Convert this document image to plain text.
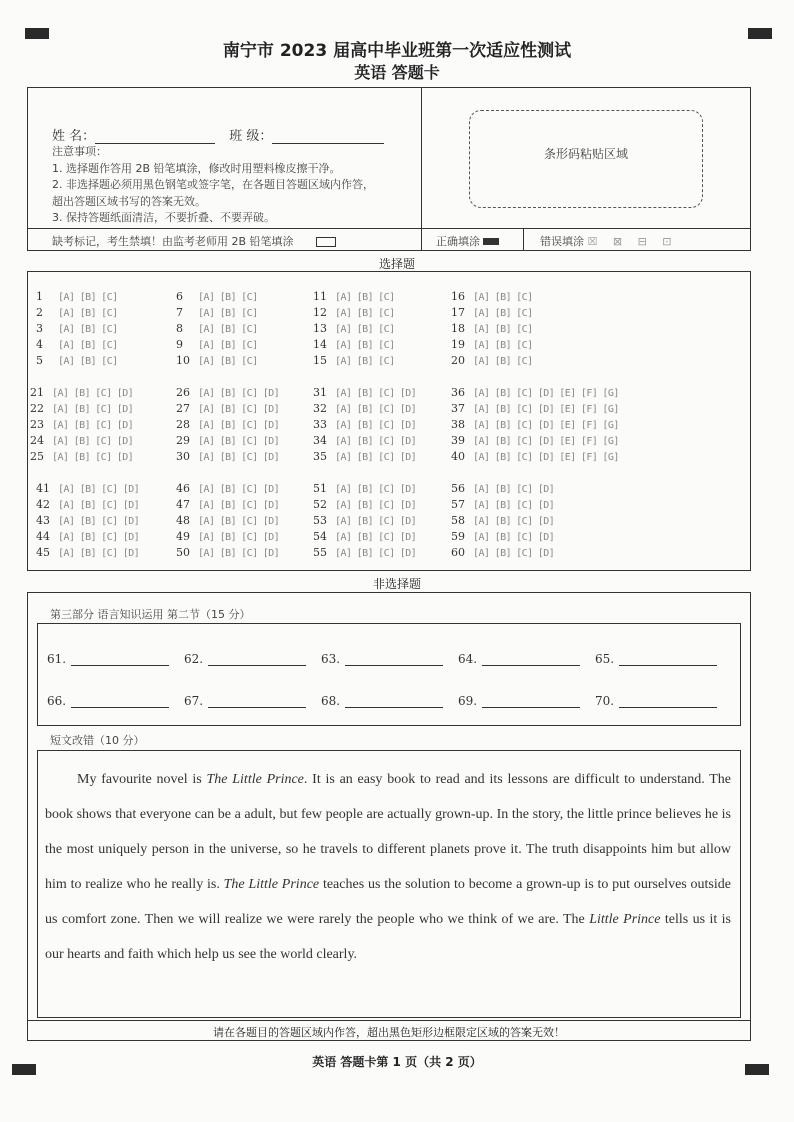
南宁市 2023 届高中毕业班第一次适应性测试
英语 答题卡
姓 名：	班 级：
注意事项：
1. 选择题作答用 2B 铅笔填涂，修改时用塑料橡皮擦干净。
2. 非选择题必须用黑色钢笔或签字笔，在各题目答题区域内作答，
超出答题区域书写的答案无效。
3. 保持答题纸面清洁，不要折叠、不要弄破。
缺考标记，考生禁填！由监考老师用 2B 铅笔填涂
条形码粘贴区域
正确填涂	错误填涂 ☒ ⊠ ⊟ ⊡
选择题
1 [A] [B] [C]
2 [A] [B] [C]
3 [A] [B] [C]
4 [A] [B] [C]
5 [A] [B] [C]
6 [A] [B] [C]
7 [A] [B] [C]
8 [A] [B] [C]
9 [A] [B] [C]
10 [A] [B] [C]
11 [A] [B] [C]
12 [A] [B] [C]
13 [A] [B] [C]
14 [A] [B] [C]
15 [A] [B] [C]
16 [A] [B] [C]
17 [A] [B] [C]
18 [A] [B] [C]
19 [A] [B] [C]
20 [A] [B] [C]
21 [A] [B] [C] [D]
22 [A] [B] [C] [D]
23 [A] [B] [C] [D]
24 [A] [B] [C] [D]
25 [A] [B] [C] [D]
26 [A] [B] [C] [D]
27 [A] [B] [C] [D]
28 [A] [B] [C] [D]
29 [A] [B] [C] [D]
30 [A] [B] [C] [D]
31 [A] [B] [C] [D]
32 [A] [B] [C] [D]
33 [A] [B] [C] [D]
34 [A] [B] [C] [D]
35 [A] [B] [C] [D]
36 [A] [B] [C] [D] [E] [F] [G]
37 [A] [B] [C] [D] [E] [F] [G]
38 [A] [B] [C] [D] [E] [F] [G]
39 [A] [B] [C] [D] [E] [F] [G]
40 [A] [B] [C] [D] [E] [F] [G]
41 [A] [B] [C] [D]
42 [A] [B] [C] [D]
43 [A] [B] [C] [D]
44 [A] [B] [C] [D]
45 [A] [B] [C] [D]
46 [A] [B] [C] [D]
47 [A] [B] [C] [D]
48 [A] [B] [C] [D]
49 [A] [B] [C] [D]
50 [A] [B] [C] [D]
51 [A] [B] [C] [D]
52 [A] [B] [C] [D]
53 [A] [B] [C] [D]
54 [A] [B] [C] [D]
55 [A] [B] [C] [D]
56 [A] [B] [C] [D]
57 [A] [B] [C] [D]
58 [A] [B] [C] [D]
59 [A] [B] [C] [D]
60 [A] [B] [C] [D]
非选择题
第三部分 语言知识运用 第二节（15 分）
61.	62.	63.	64.	65.
66.	67.	68.	69.	70.
短文改错（10 分）
请在各题目的答题区域内作答，超出黑色矩形边框限定区域的答案无效！
My favourite novel is The Little Prince. It is an easy book to read and its lessons are difficult to understand. The book shows that everyone can be a adult, but few people are actually grown-up. In the story, the little prince believes he is the most uniquely person in the universe, so he travels to different planets prove it. The truth disappoints him but allow him to realize who he really is. The Little Prince teaches us the solution to become a grown-up is to put ourselves outside us comfort zone. Then we will realize we were rarely the people who we think of we are. The Little Prince tells us it is our hearts and faith which help us see the world clearly.
英语 答题卡第 1 页（共 2 页）
